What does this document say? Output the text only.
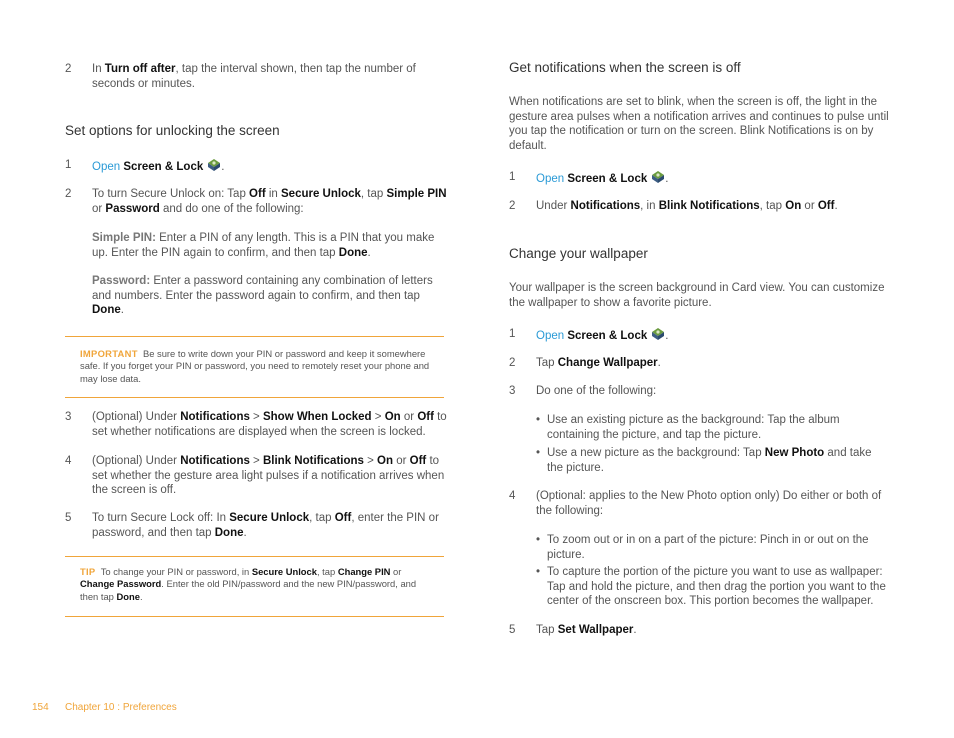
2 In Turn off after, tap the interval shown, then tap the number of seconds or minutes.
Set options for unlocking the screen
1 Open Screen & Lock .
2 To turn Secure Unlock on: Tap Off in Secure Unlock, tap Simple PIN or Password and do one of the following:
Simple PIN: Enter a PIN of any length. This is a PIN that you make up. Enter the PIN again to confirm, and then tap Done.
Password: Enter a password containing any combination of letters and numbers. Enter the password again to confirm, and then tap Done.
IMPORTANT Be sure to write down your PIN or password and keep it somewhere safe. If you forget your PIN or password, you need to remotely reset your phone and may lose data.
3 (Optional) Under Notifications > Show When Locked > On or Off to set whether notifications are displayed when the screen is locked.
4 (Optional) Under Notifications > Blink Notifications > On or Off to set whether the gesture area light pulses if a notification arrives when the screen is off.
5 To turn Secure Lock off: In Secure Unlock, tap Off, enter the PIN or password, and then tap Done.
TIP To change your PIN or password, in Secure Unlock, tap Change PIN or Change Password. Enter the old PIN/password and the new PIN/password, and then tap Done.
Get notifications when the screen is off
When notifications are set to blink, when the screen is off, the light in the gesture area pulses when a notification arrives and continues to pulse until you tap the notification or turn on the screen. Blink Notifications is on by default.
1 Open Screen & Lock .
2 Under Notifications, in Blink Notifications, tap On or Off.
Change your wallpaper
Your wallpaper is the screen background in Card view. You can customize the wallpaper to show a favorite picture.
1 Open Screen & Lock .
2 Tap Change Wallpaper.
3 Do one of the following:
• Use an existing picture as the background: Tap the album containing the picture, and tap the picture.
• Use a new picture as the background: Tap New Photo and take the picture.
4 (Optional: applies to the New Photo option only) Do either or both of the following:
• To zoom out or in on a part of the picture: Pinch in or out on the picture.
• To capture the portion of the picture you want to use as wallpaper: Tap and hold the picture, and then drag the portion you want to the center of the onscreen box. This portion becomes the wallpaper.
5 Tap Set Wallpaper.
154 Chapter 10 : Preferences
